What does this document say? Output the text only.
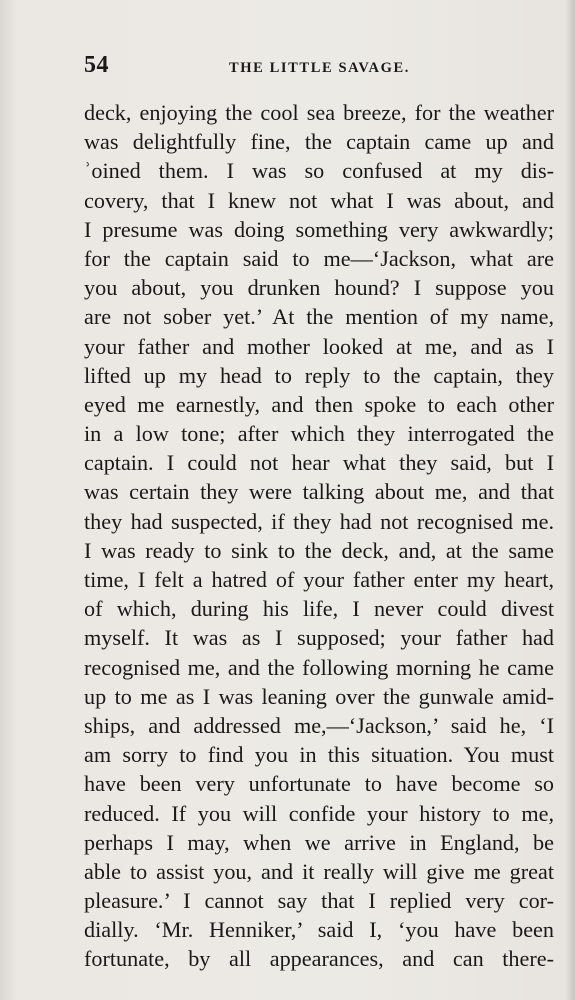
54	THE LITTLE SAVAGE.
deck, enjoying the cool sea breeze, for the weather
was delightfully fine, the captain came up and
ʾoined them. I was so confused at my dis-
covery, that I knew not what I was about, and
I presume was doing something very awkwardly;
for the captain said to me—‘Jackson, what are
you about, you drunken hound? I suppose you
are not sober yet.’ At the mention of my name,
your father and mother looked at me, and as I
lifted up my head to reply to the captain, they
eyed me earnestly, and then spoke to each other
in a low tone; after which they interrogated the
captain. I could not hear what they said, but I
was certain they were talking about me, and that
they had suspected, if they had not recognised me.
I was ready to sink to the deck, and, at the same
time, I felt a hatred of your father enter my heart,
of which, during his life, I never could divest
myself. It was as I supposed; your father had
recognised me, and the following morning he came
up to me as I was leaning over the gunwale amid-
ships, and addressed me,—‘Jackson,’ said he, ‘I
am sorry to find you in this situation. You must
have been very unfortunate to have become so
reduced. If you will confide your history to me,
perhaps I may, when we arrive in England, be
able to assist you, and it really will give me great
pleasure.’ I cannot say that I replied very cor-
dially. ‘Mr. Henniker,’ said I, ‘you have been
fortunate, by all appearances, and can there-
